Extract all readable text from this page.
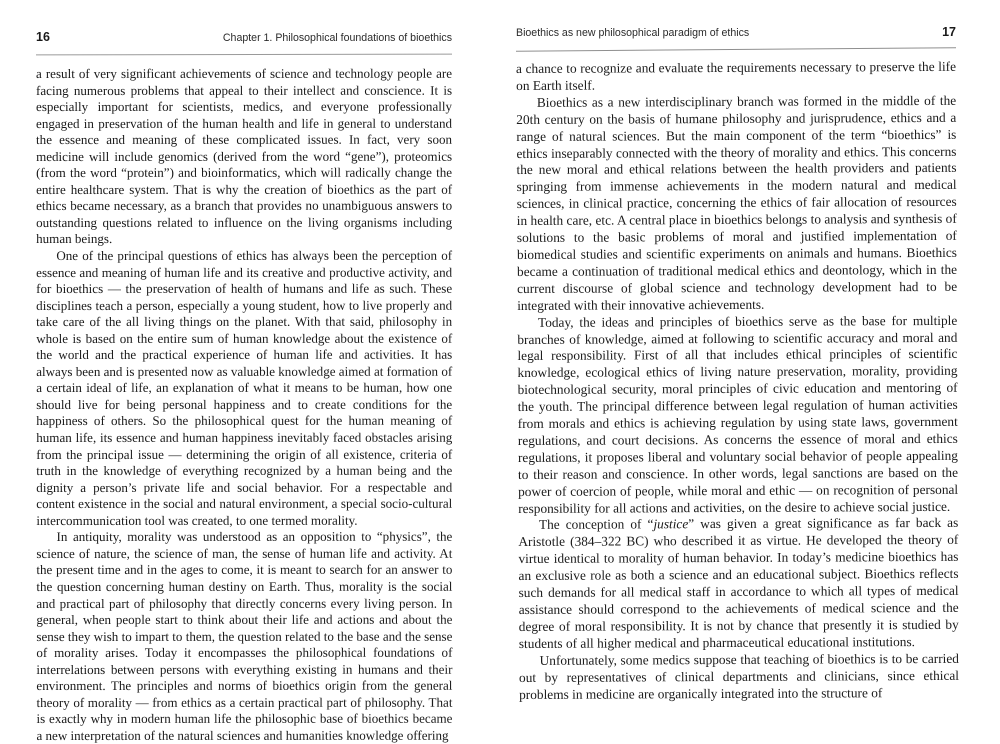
16	Chapter 1. Philosophical foundations of bioethics

a result of very significant achievements of science and technology people are facing numerous problems that appeal to their intellect and conscience. It is especially important for scientists, medics, and everyone professionally engaged in preservation of the human health and life in general to understand the essence and meaning of these complicated issues. In fact, very soon medicine will include genomics (derived from the word “gene”), proteomics (from the word “protein”) and bioinformatics, which will radically change the entire healthcare system. That is why the creation of bioethics as the part of ethics became necessary, as a branch that provides no unambiguous answers to outstanding questions related to influence on the living organisms including human beings.

One of the principal questions of ethics has always been the perception of essence and meaning of human life and its creative and productive activity, and for bioethics — the preservation of health of humans and life as such. These disciplines teach a person, especially a young student, how to live properly and take care of the all living things on the planet. With that said, philosophy in whole is based on the entire sum of human knowledge about the existence of the world and the practical experience of human life and activities. It has always been and is presented now as valuable knowledge aimed at formation of a certain ideal of life, an explanation of what it means to be human, how one should live for being personal happiness and to create conditions for the happiness of others. So the philosophical quest for the human meaning of human life, its essence and human happiness inevitably faced obstacles arising from the principal issue — determining the origin of all existence, criteria of truth in the knowledge of everything recognized by a human being and the dignity a person’s private life and social behavior. For a respectable and content existence in the social and natural environment, a special socio-cultural intercommunication tool was created, to one termed morality.

In antiquity, morality was understood as an opposition to “physics”, the science of nature, the science of man, the sense of human life and activity. At the present time and in the ages to come, it is meant to search for an answer to the question concerning human destiny on Earth. Thus, morality is the social and practical part of philosophy that directly concerns every living person. In general, when people start to think about their life and actions and about the sense they wish to impart to them, the question related to the base and the sense of morality arises. Today it encompasses the philosophical foundations of interrelations between persons with everything existing in humans and their environment. The principles and norms of bioethics origin from the general theory of morality — from ethics as a certain practical part of philosophy. That is exactly why in modern human life the philosophic base of bioethics became a new interpretation of the natural sciences and humanities knowledge offering

Bioethics as new philosophical paradigm of ethics	17

a chance to recognize and evaluate the requirements necessary to preserve the life on Earth itself.

Bioethics as a new interdisciplinary branch was formed in the middle of the 20th century on the basis of humane philosophy and jurisprudence, ethics and a range of natural sciences. But the main component of the term “bioethics” is ethics inseparably connected with the theory of morality and ethics. This concerns the new moral and ethical relations between the health providers and patients springing from immense achievements in the modern natural and medical sciences, in clinical practice, concerning the ethics of fair allocation of resources in health care, etc. A central place in bioethics belongs to analysis and synthesis of solutions to the basic problems of moral and justified implementation of biomedical studies and scientific experiments on animals and humans. Bioethics became a continuation of traditional medical ethics and deontology, which in the current discourse of global science and technology development had to be integrated with their innovative achievements.

Today, the ideas and principles of bioethics serve as the base for multiple branches of knowledge, aimed at following to scientific accuracy and moral and legal responsibility. First of all that includes ethical principles of scientific knowledge, ecological ethics of living nature preservation, morality, providing biotechnological security, moral principles of civic education and mentoring of the youth. The principal difference between legal regulation of human activities from morals and ethics is achieving regulation by using state laws, government regulations, and court decisions. As concerns the essence of moral and ethics regulations, it proposes liberal and voluntary social behavior of people appealing to their reason and conscience. In other words, legal sanctions are based on the power of coercion of people, while moral and ethic — on recognition of personal responsibility for all actions and activities, on the desire to achieve social justice.

The conception of “justice” was given a great significance as far back as Aristotle (384–322 BC) who described it as virtue. He developed the theory of virtue identical to morality of human behavior. In today’s medicine bioethics has an exclusive role as both a science and an educational subject. Bioethics reflects such demands for all medical staff in accordance to which all types of medical assistance should correspond to the achievements of medical science and the degree of moral responsibility. It is not by chance that presently it is studied by students of all higher medical and pharmaceutical educational institutions.

Unfortunately, some medics suppose that teaching of bioethics is to be carried out by representatives of clinical departments and clinicians, since ethical problems in medicine are organically integrated into the structure of
